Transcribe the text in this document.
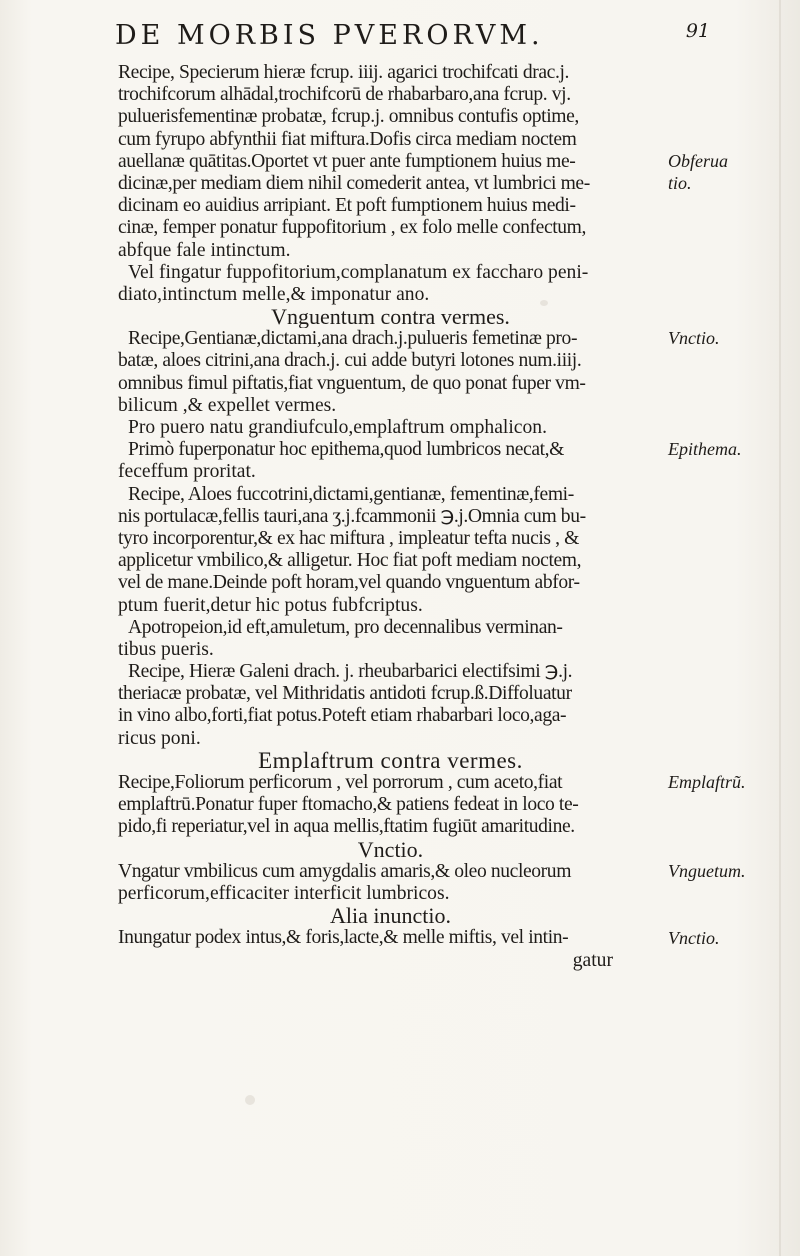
DE MORBIS PVERORVM.	91
Recipe, Specierum hieræ fcrup. iiij. agarici trochifcati drac.j.
trochifcorum alhādal,trochifcorū de rhabarbaro,ana fcrup. vj.
puluerisfementinæ probatæ, fcrup.j. omnibus contufis optime,
cum fyrupo abfynthii fiat miftura.Dofis circa mediam noctem
auellanæ quātitas.Oportet vt puer ante fumptionem huius me-
dicinæ,per mediam diem nihil comederit antea, vt lumbrici me-
dicinam eo auidius arripiant. Et poft fumptionem huius medi-
cinæ, femper ponatur fuppofitorium , ex folo melle confectum,
abfque fale intinctum.
Vel fingatur fuppofitorium,complanatum ex faccharo peni-
diato,intinctum melle,& imponatur ano.
Vnguentum contra vermes.
Recipe,Gentianæ,dictami,ana drach.j.pulueris femetinæ pro-
batæ, aloes citrini,ana drach.j. cui adde butyri lotones num.iiij.
omnibus fimul piftatis,fiat vnguentum, de quo ponat fuper vm-
bilicum ,& expellet vermes.
Pro puero natu grandiufculo,emplaftrum omphalicon.
Primò fuperponatur hoc epithema,quod lumbricos necat,&
feceffum proritat.
Recipe, Aloes fuccotrini,dictami,gentianæ, fementinæ,femi-
nis portulacæ,fellis tauri,ana ʒ.j.fcammonii ℈.j.Omnia cum bu-
tyro incorporentur,& ex hac miftura , impleatur tefta nucis , &
applicetur vmbilico,& alligetur. Hoc fiat poft mediam noctem,
vel de mane.Deinde poft horam,vel quando vnguentum abfor-
ptum fuerit,detur hic potus fubfcriptus.
Apotropeion,id eft,amuletum, pro decennalibus verminan-
tibus pueris.
Recipe, Hieræ Galeni drach. j. rheubarbarici electifsimi ℈.j.
theriacæ probatæ, vel Mithridatis antidoti fcrup.ß.Diffoluatur
in vino albo,forti,fiat potus.Poteft etiam rhabarbari loco,aga-
ricus poni.
Emplaftrum contra vermes.
Recipe,Foliorum perficorum , vel porrorum , cum aceto,fiat
emplaftrū.Ponatur fuper ftomacho,& patiens fedeat in loco te-
pido,fi reperiatur,vel in aqua mellis,ftatim fugiūt amaritudine.
Vnctio.
Vngatur vmbilicus cum amygdalis amaris,& oleo nucleorum
perficorum,efficaciter interficit lumbricos.
Alia inunctio.
Inungatur podex intus,& foris,lacte,& melle miftis, vel intin-
gatur
Obferua
tio.
Vnctio.
Epithema.
Emplaftrũ.
Vnguetum.
Vnctio.
